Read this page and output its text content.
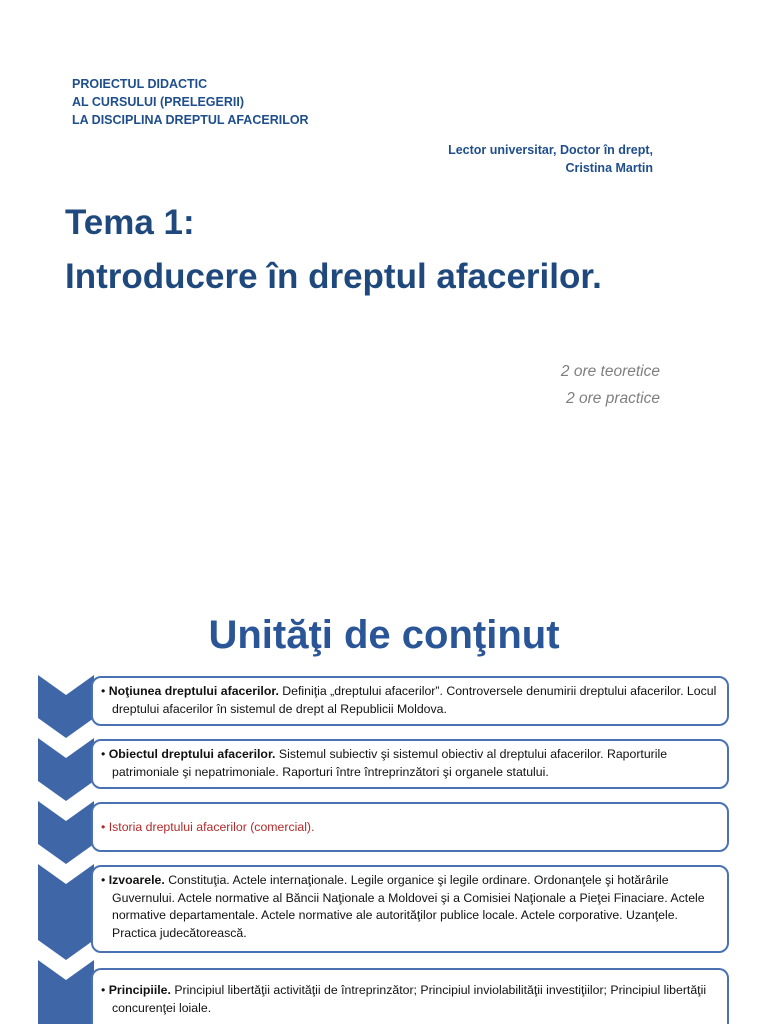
PROIECTUL DIDACTIC
AL CURSULUI (PRELEGERII)
LA DISCIPLINA DREPTUL AFACERILOR
Lector universitar, Doctor în drept,
Cristina Martin
Tema 1:
Introducere în dreptul afacerilor.
2 ore teoretice
2 ore practice
Unităţi de conţinut
• Noţiunea dreptului afacerilor. Definiţia „dreptului afacerilor”. Controversele denumirii dreptului afacerilor. Locul dreptului afacerilor în sistemul de drept al Republicii Moldova.
• Obiectul dreptului afacerilor. Sistemul subiectiv şi sistemul obiectiv al dreptului afacerilor. Raporturile patrimoniale şi nepatrimoniale. Raporturi între întreprinzători şi organele statului.
• Istoria dreptului afacerilor (comercial).
• Izvoarele. Constituţia. Actele internaţionale. Legile organice şi legile ordinare. Ordonanţele şi hotărârile Guvernului. Actele normative al Băncii Naţionale a Moldovei şi a Comisiei Naţionale a Pieţei Finaciare. Actele normative departamentale. Actele normative ale autorităţilor publice locale. Actele corporative. Uzanţele. Practica judecătorească.
• Principiile. Principiul libertăţii activităţii de întreprinzător; Principiul inviolabilităţii investiţiilor; Principiul libertăţii concurenţei loiale.
